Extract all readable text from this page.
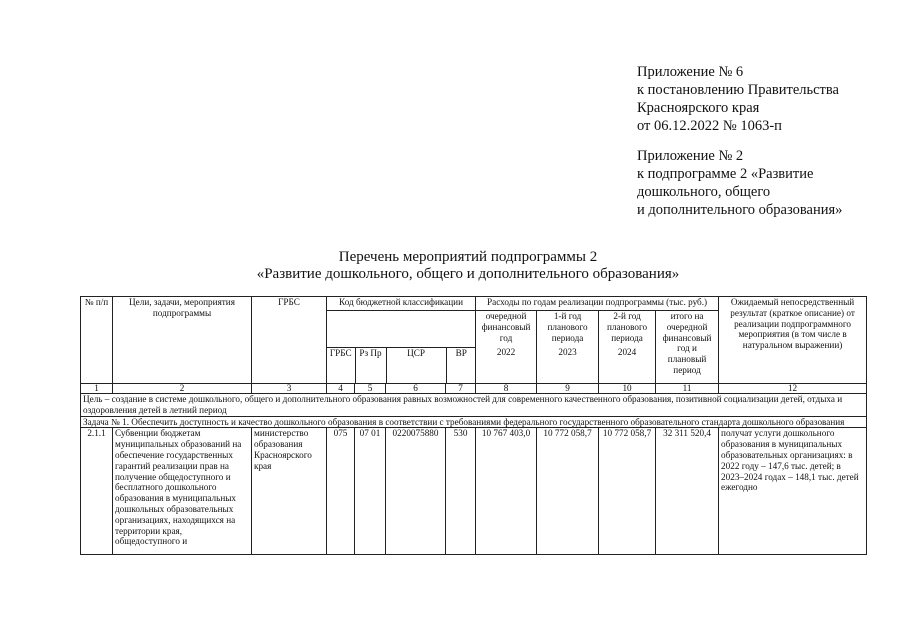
Приложение № 6
к постановлению Правительства
Красноярского края
от 06.12.2022 № 1063-п
Приложение № 2
к подпрограмме 2 «Развитие
дошкольного, общего
и дополнительного образования»
Перечень мероприятий подпрограммы 2
«Развитие дошкольного, общего и дополнительного образования»
№ п/п	Цели, задачи, мероприятия подпрограммы	ГРБС	Код бюджетной классификации	Расходы по годам реализации подпрограммы (тыс. руб.)	Ожидаемый непосредственный результат (краткое описание) от реализации подпрограммного мероприятия (в том числе в натуральном выражении)

ГРБС	Рз Пр	ЦСР	ВР
	очередной финансовый год	1-й год планового периода	2-й год планового периода	итого на очередной финансовый год и плановый период
2022	2023	2024
1	2	3	4	5	6	7	8	9	10	11	12
Цель – создание в системе дошкольного, общего и дополнительного образования равных возможностей для современного качественного образования, позитивной социализации детей, отдыха и оздоровления детей в летний период
Задача № 1. Обеспечить доступность и качество дошкольного образования в соответствии с требованиями федерального государственного образовательного стандарта дошкольного образования
2.1.1	Субвенции бюджетам муниципальных образований на обеспечение государственных гарантий реализации прав на получение общедоступного и бесплатного дошкольного образования в муниципальных дошкольных образовательных организациях, находящихся на территории края, общедоступного и	министерство образования Красноярского края	075	07 01	0220075880	530	10 767 403,0	10 772 058,7	10 772 058,7	32 311 520,4	получат услуги дошкольного образования в муниципальных образовательных организациях: в 2022 году – 147,6 тыс. детей; в 2023–2024 годах – 148,1 тыс. детей ежегодно
